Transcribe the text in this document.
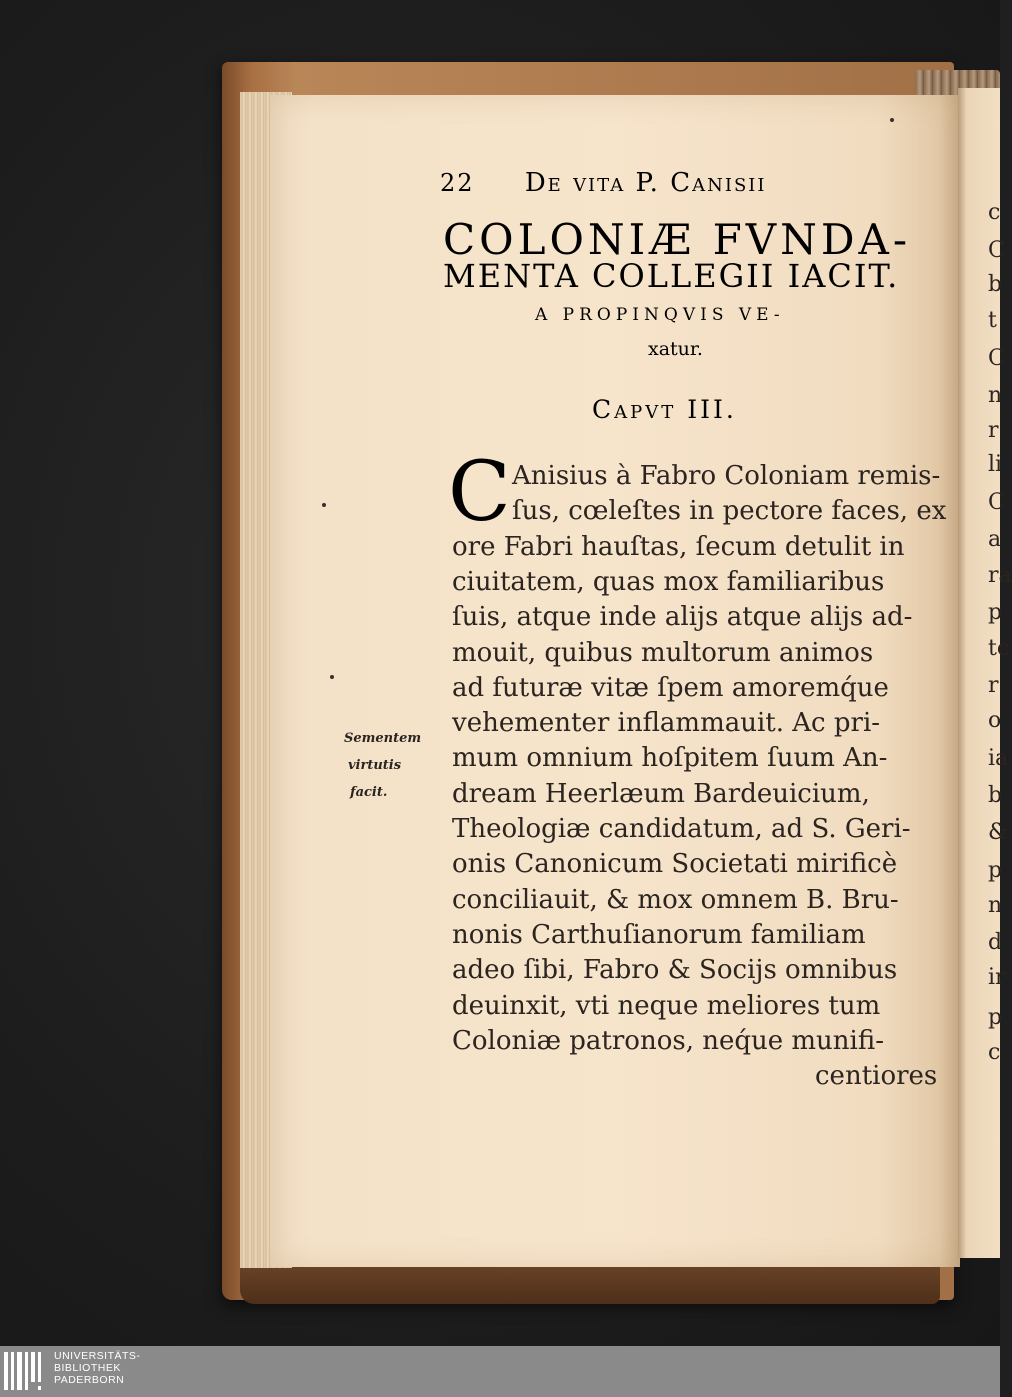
c
C
b
t
C
n
r
li
C
a
ra
p
tc
r
o
ia
b
&
p
n
d
ir
p
c
22 De vita P. Canisii
COLONIÆ FVNDA-
MENTA COLLEGII IACIT.
A PROPINQVIS VE-
xatur.
Capvt III.
C Anisius à Fabro Coloniam remis-
ſus, cœleſtes in pectore faces, ex
ore Fabri hauſtas, ſecum detulit in
ciuitatem, quas mox familiaribus
ſuis, atque inde alijs atque alijs ad-
mouit, quibus multorum animos
ad futuræ vitæ ſpem amoremq́ue
vehementer inflammauit. Ac pri-
mum omnium hoſpitem ſuum An-
dream Heerlæum Bardeuicium,
Theologiæ candidatum, ad S. Geri-
onis Canonicum Societati mirificè
conciliauit, & mox omnem B. Bru-
nonis Carthuſianorum familiam
adeo ſibi, Fabro & Socijs omnibus
deuinxit, vti neque meliores tum
Coloniæ patronos, neq́ue munifi-
centiores
Sementem
virtutis
facit.
UNIVERSITÄTS-
BIBLIOTHEK
PADERBORN
